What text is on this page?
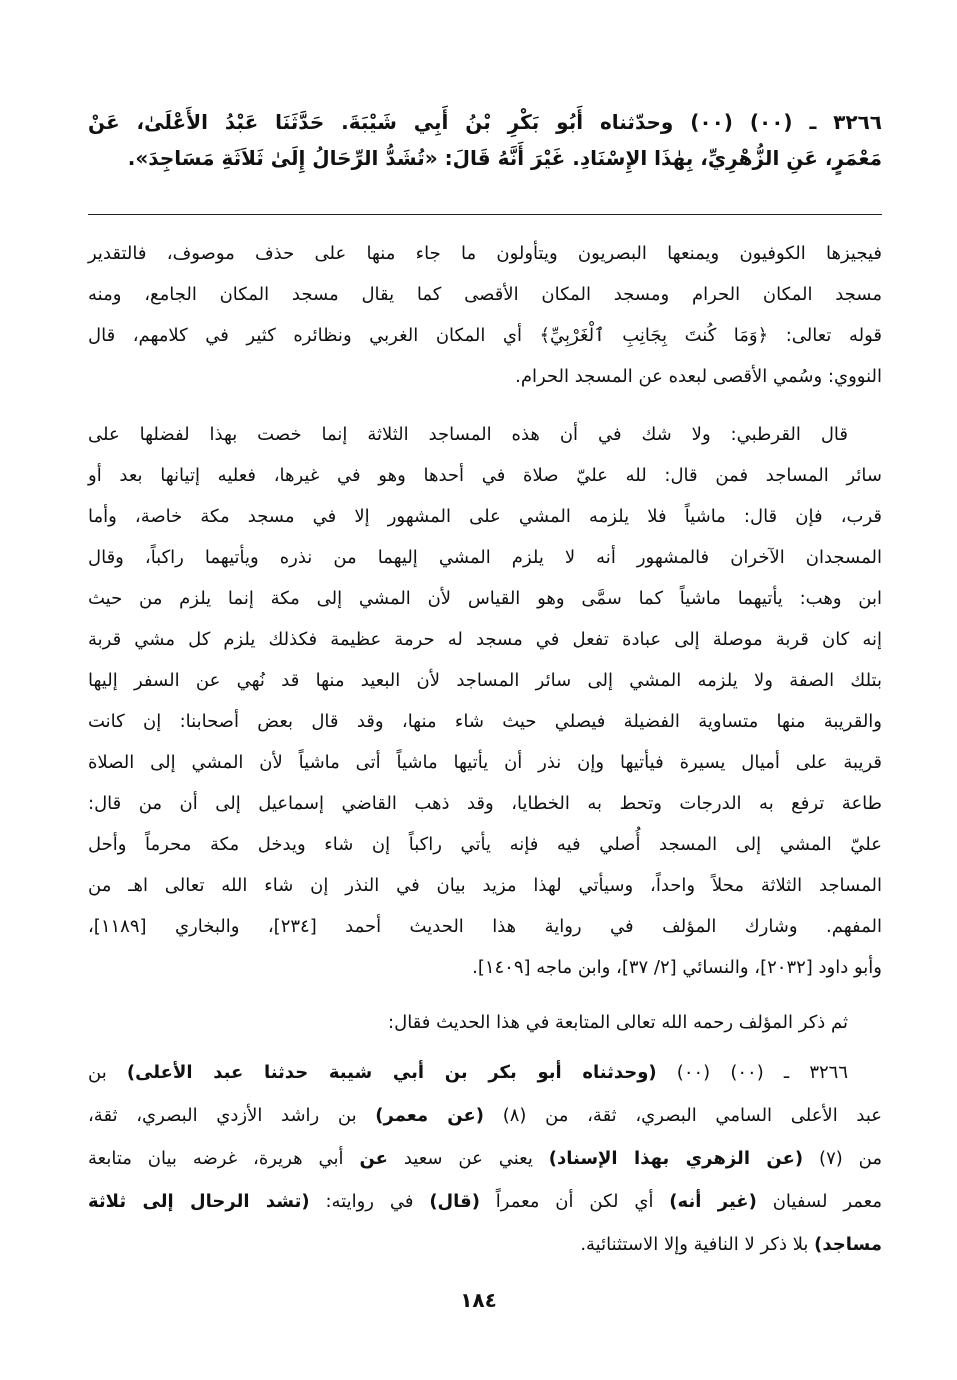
٣٢٦٦ ـ (٠٠) (٠٠) وحدّثناه أَبُو بَكْرِ بْنُ أَبِي شَيْبَةَ. حَدَّثَنَا عَبْدُ الأَعْلَىٰ، عَنْ
مَعْمَرٍ، عَنِ الزُّهْرِيِّ، بِهٰذَا الإِسْنَادِ. غَيْرَ أَنَّهُ قَالَ: «تُشَدُّ الرِّحَالُ إِلَىٰ ثَلاَثَةِ مَسَاجِدَ».
فيجيزها الكوفيون ويمنعها البصريون ويتأولون ما جاء منها على حذف موصوف، فالتقدير
مسجد المكان الحرام ومسجد المكان الأقصى كما يقال مسجد المكان الجامع، ومنه
قوله تعالى: ﴿وَمَا كُنتَ بِجَانِبِ ٱلْغَرْبِيِّ﴾ أي المكان الغربي ونظائره كثير في كلامهم، قال
النووي: وسُمي الأقصى لبعده عن المسجد الحرام.
قال القرطبي: ولا شك في أن هذه المساجد الثلاثة إنما خصت بهذا لفضلها على
سائر المساجد فمن قال: لله عليّ صلاة في أحدها وهو في غيرها، فعليه إتيانها بعد أو
قرب، فإن قال: ماشياً فلا يلزمه المشي على المشهور إلا في مسجد مكة خاصة، وأما
المسجدان الآخران فالمشهور أنه لا يلزم المشي إليهما من نذره ويأتيهما راكباً، وقال
ابن وهب: يأتيهما ماشياً كما سمَّى وهو القياس لأن المشي إلى مكة إنما يلزم من حيث
إنه كان قربة موصلة إلى عبادة تفعل في مسجد له حرمة عظيمة فكذلك يلزم كل مشي قربة
بتلك الصفة ولا يلزمه المشي إلى سائر المساجد لأن البعيد منها قد نُهي عن السفر إليها
والقريبة منها متساوية الفضيلة فيصلي حيث شاء منها، وقد قال بعض أصحابنا: إن كانت
قريبة على أميال يسيرة فيأتيها وإن نذر أن يأتيها ماشياً أتى ماشياً لأن المشي إلى الصلاة
طاعة ترفع به الدرجات وتحط به الخطايا، وقد ذهب القاضي إسماعيل إلى أن من قال:
عليّ المشي إلى المسجد أُصلي فيه فإنه يأتي راكباً إن شاء ويدخل مكة محرماً وأحل
المساجد الثلاثة محلاً واحداً، وسيأتي لهذا مزيد بيان في النذر إن شاء الله تعالى اهـ من
المفهم. وشارك المؤلف في رواية هذا الحديث أحمد [٢٣٤]، والبخاري [١١٨٩]،
وأبو داود [٢٠٣٢]، والنسائي [٢/ ٣٧]، وابن ماجه [١٤٠٩].
ثم ذكر المؤلف رحمه الله تعالى المتابعة في هذا الحديث فقال:
٣٢٦٦ ـ (٠٠) (٠٠) (وحدثناه أبو بكر بن أبي شيبة حدثنا عبد الأعلى) بن
عبد الأعلى السامي البصري، ثقة، من (٨) (عن معمر) بن راشد الأزدي البصري، ثقة،
من (٧) (عن الزهري بهذا الإسناد) يعني عن سعيد عن أبي هريرة، غرضه بيان متابعة
معمر لسفيان (غير أنه) أي لكن أن معمراً (قال) في روايته: (تشد الرحال إلى ثلاثة
مساجد) بلا ذكر لا النافية وإلا الاستثنائية.
١٨٤
